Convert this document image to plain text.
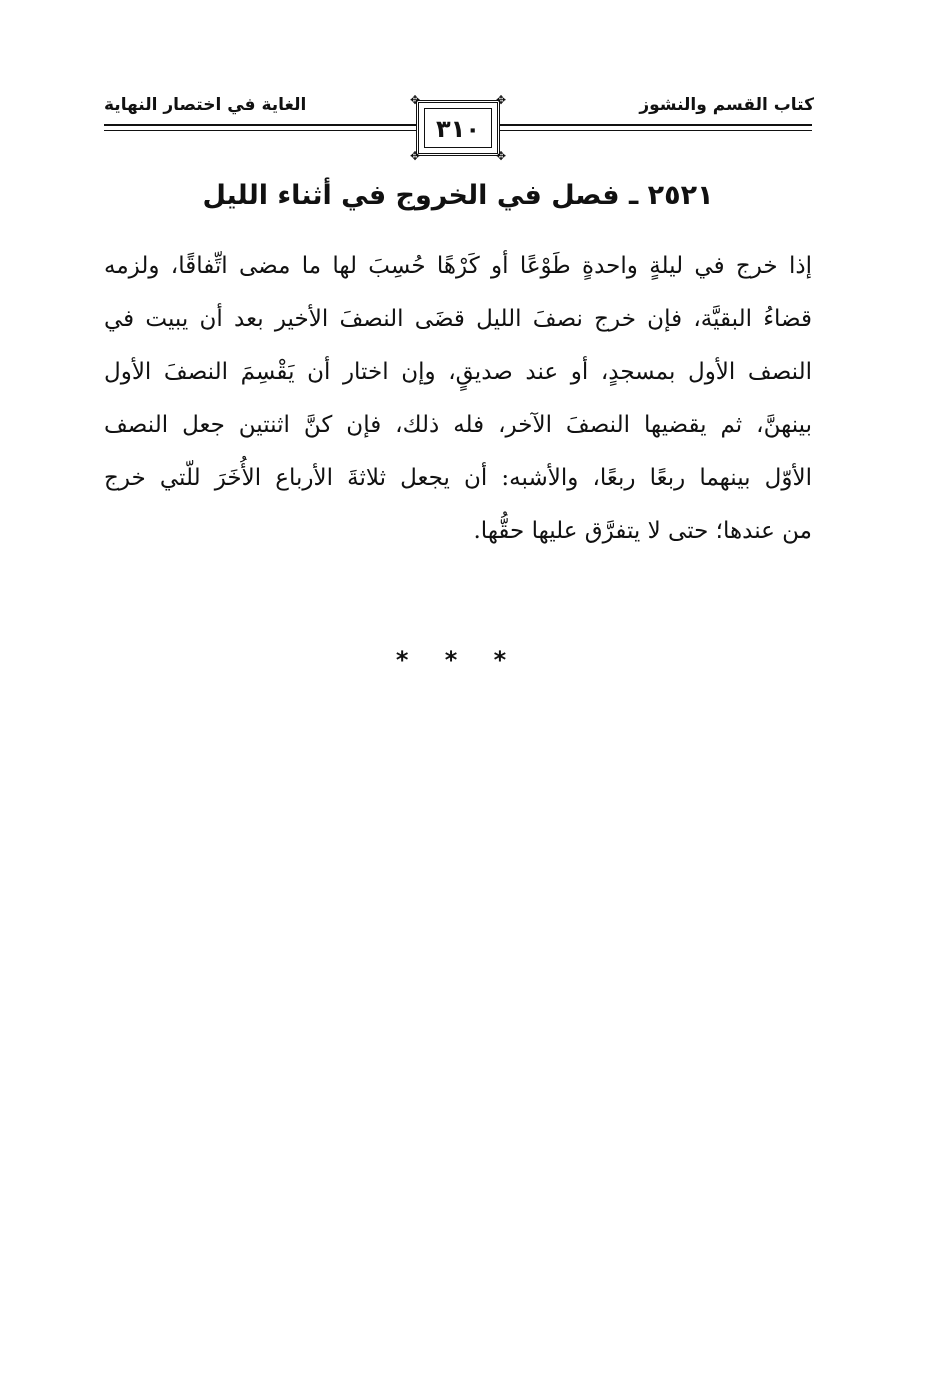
الغاية في اختصار النهاية	كتاب القسم والنشوز
✥	✥
✥	✥
٣١٠
٢٥٢١ ـ فصل في الخروج في أثناء الليل
إذا خرج في ليلةٍ واحدةٍ طَوْعًا أو كَرْهًا حُسِبَ لها ما مضى اتِّفاقًا، ولزمه
قضاءُ البقيَّة، فإن خرج نصفَ الليل قضَى النصفَ الأخير بعد أن يبيت في
النصف الأول بمسجدٍ، أو عند صديقٍ، وإن اختار أن يَقْسِمَ النصفَ الأول
بينهنَّ، ثم يقضيها النصفَ الآخر، فله ذلك، فإن كنَّ اثنتين جعل النصف
الأوّل بينهما ربعًا ربعًا، والأشبه: أن يجعل ثلاثةَ الأرباع الأُخَرَ للّتي خرج
من عندها؛ حتى لا يتفرَّق عليها حقُّها.
* * *
